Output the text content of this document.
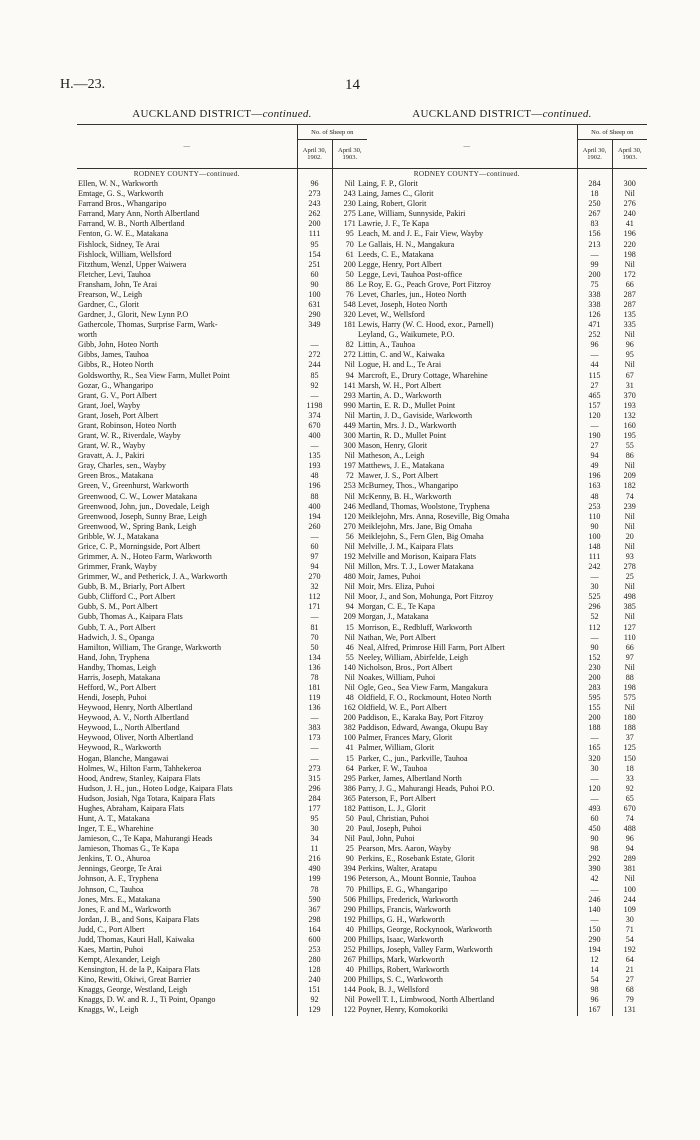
H.—23.	14
AUCKLAND DISTRICT—continued.	AUCKLAND DISTRICT—continued.
—	No. of Sheep on	
	April 30, 1902.	April 30, 1903.
RODNEY COUNTY—continued.		
Ellen, W. N., Warkworth	96	Nil
Emtage, G. S., Warkworth	273	243
Farrand Bros., Whangaripo	243	230
Farrand, Mary Ann, North Albertland	262	275
Farrand, W. B., North Albertland	200	171
Fenton, G. W. E., Matakana	111	95
Fishlock, Sidney, Te Arai	95	70
Fishlock, William, Wellsford	154	61
Fitzthum, Wenzl, Upper Waiwera	251	200
Fletcher, Levi, Tauhoa	60	50
Fransham, John, Te Arai	90	86
Frearson, W., Leigh	100	76
Gardner, C., Glorit	631	548
Gardner, J., Glorit, New Lynn P.O	290	320
Gathercole, Thomas, Surprise Farm, Wark-	349	181
worth		
Gibb, John, Hoteo North	—	82
Gibbs, James, Tauhoa	272	272
Gibbs, R., Hoteo North	244	Nil
Goldsworthy, R., Sea View Farm, Mullet Point	85	94
Gozar, G., Whangaripo	92	141
Grant, G. V., Port Albert	—	293
Grant, Joel, Wayby	1198	990
Grant, Joseh, Port Albert	374	Nil
Grant, Robinson, Hoteo North	670	449
Grant, W. R., Riverdale, Wayby	400	300
Grant, W. R., Wayby	—	300
Gravatt, A. J., Pakiri	135	Nil
Gray, Charles, sen., Wayby	193	197
Green Bros., Matakana	48	72
Green, V., Greenhurst, Warkworth	196	253
Greenwood, C. W., Lower Matakana	88	Nil
Greenwood, John, jun., Dovedale, Leigh	400	246
Greenwood, Joseph, Sunny Brae, Leigh	194	120
Greenwood, W., Spring Bank, Leigh	260	270
Gribble, W. J., Matakana	—	56
Grice, C. P., Morningside, Port Albert	60	Nil
Grimmer, A. N., Hoteo Farm, Warkworth	97	192
Grimmer, Frank, Wayby	94	Nil
Grimmer, W., and Petherick, J. A., Warkworth	270	480
Gubb, B. M., Briarly, Port Albert	32	Nil
Gubb, Clifford C., Port Albert	112	Nil
Gubb, S. M., Port Albert	171	94
Gubb, Thomas A., Kaipara Flats	—	209
Gubb, T. A., Port Albert	81	15
Hadwich, J. S., Opanga	70	Nil
Hamilton, William, The Grange, Warkworth	50	46
Hand, John, Tryphena	134	55
Handby, Thomas, Leigh	136	140
Harris, Joseph, Matakana	78	Nil
Hefford, W., Port Albert	181	Nil
Hendi, Joseph, Puhoi	119	48
Heywood, Henry, North Albertland	136	162
Heywood, A. V., North Albertland	—	200
Heywood, L., North Albertland	383	382
Heywood, Oliver, North Albertland	173	100
Heywood, R., Warkworth	—	41
Hogan, Blanche, Mangawai	—	15
Holmes, W., Hilton Farm, Tahhekeroa	273	64
Hood, Andrew, Stanley, Kaipara Flats	315	295
Hudson, J. H., jun., Hoteo Lodge, Kaipara Flats	296	386
Hudson, Josiah, Nga Totara, Kaipara Flats	284	365
Hughes, Abraham, Kaipara Flats	177	182
Hunt, A. T., Matakana	95	50
Inger, T. E., Wharehine	30	20
Jamieson, C., Te Kapa, Mahurangi Heads	34	Nil
Jamieson, Thomas G., Te Kapa	11	25
Jenkins, T. O., Ahuroa	216	90
Jennings, George, Te Arai	490	394
Johnson, A. F., Tryphena	199	196
Johnson, C., Tauhoa	78	70
Jones, Mrs. E., Matakana	590	506
Jones, F. and M., Warkworth	367	290
Jordan, J. B., and Sons, Kaipara Flats	298	192
Judd, C., Port Albert	164	40
Judd, Thomas, Kauri Hall, Kaiwaka	600	200
Kaes, Martin, Puhoi	253	252
Kempt, Alexander, Leigh	280	267
Kensington, H. de la P., Kaipara Flats	128	40
Kino, Rewiti, Okiwi, Great Barrier	240	200
Knaggs, George, Westland, Leigh	151	144
Knaggs, D. W. and R. J., Ti Point, Opango	92	Nil
Knaggs, W., Leigh	129	122
—	No. of Sheep on	
	April 30, 1902.	April 30, 1903.
RODNEY COUNTY—continued.		
Laing, F. P., Glorit	284	300
Laing, James C., Glorit	18	Nil
Laing, Robert, Glorit	250	276
Lane, William, Sunnyside, Pakiri	267	240
Lawrie, J. F., Te Kapa	83	41
Leach, M. and J. E., Fair View, Wayby	156	196
Le Gallais, H. N., Mangakura	213	220
Leeds, C. E., Matakana	—	198
Legge, Henry, Port Albert	99	Nil
Legge, Levi, Tauhoa Post-office	200	172
Le Roy, E. G., Peach Grove, Port Fitzroy	75	66
Levet, Charles, jun., Hoteo North	338	287
Levet, Joseph, Hoteo North	338	287
Levet, W., Wellsford	126	135
Lewis, Harry (W. C. Hood, exor., Parnell)	471	335
Leyland, G., Waikumete, P.O.	252	Nil
Littin, A., Tauhoa	96	96
Littin, C. and W., Kaiwaka	—	95
Logue, H. and L., Te Arai	44	Nil
Marcroft, E., Drury Cottage, Wharehine	115	67
Marsh, W. H., Port Albert	27	31
Martin, A. D., Warkworth	465	370
Martin, E. R. D., Mullet Point	157	193
Martin, J. D., Gaviside, Warkworth	120	132
Martin, Mrs. J. D., Warkworth	—	160
Martin, R. D., Mullet Point	190	195
Mason, Henry, Glorit	27	55
Matheson, A., Leigh	94	86
Matthews, J. E., Matakana	49	Nil
Mawer, J. S., Port Albert	196	209
McBurney, Thos., Whangaripo	163	182
McKenny, B. H., Warkworth	48	74
Medland, Thomas, Woolstone, Tryphena	253	239
Meiklejohn, Mrs. Anna, Roseville, Big Omaha	110	Nil
Meiklejohn, Mrs. Jane, Big Omaha	90	Nil
Meiklejohn, S., Fern Glen, Big Omaha	100	20
Melville, J. M., Kaipara Flats	148	Nil
Melville and Morison, Kaipara Flats	111	93
Millon, Mrs. T. J., Lower Matakana	242	278
Moir, James, Puhoi	—	25
Moir, Mrs. Eliza, Puhoi	30	Nil
Moor, J., and Son, Mohunga, Port Fitzroy	525	498
Morgan, C. E., Te Kapa	296	385
Morgan, J., Matakana	52	Nil
Morrison, E., Redbluff, Warkworth	112	127
Nathan, We, Port Albert	—	110
Neal, Alfred, Primrose Hill Farm, Port Albert	90	66
Neeley, William, Abirfelde, Leigh	152	97
Nicholson, Bros., Port Albert	230	Nil
Noakes, William, Puhoi	200	88
Ogle, Geo., Sea View Farm, Mangakura	283	198
Oldfield, F. O., Rockmount, Hoteo North	595	575
Oldfield, W. E., Port Albert	155	Nil
Paddison, E., Karaka Bay, Port Fitzroy	200	180
Paddison, Edward, Awanga, Okupu Bay	188	188
Palmer, Frances Mary, Glorit	—	37
Palmer, William, Glorit	165	125
Parker, C., jun., Parkville, Tauhoa	320	150
Parker, F. W., Tauhoa	30	18
Parker, James, Albertland North	—	33
Parry, J. G., Mahurangi Heads, Puhoi P.O.	120	92
Paterson, F., Port Albert	—	65
Pattison, L. J., Glorit	493	670
Paul, Christian, Puhoi	60	74
Paul, Joseph, Puhoi	450	488
Paul, John, Puhoi	90	96
Pearson, Mrs. Aaron, Wayby	98	94
Perkins, E., Rosebank Estate, Glorit	292	289
Perkins, Walter, Aratapu	390	381
Peterson, A., Mount Bonnie, Tauhoa	42	Nil
Phillips, E. G., Whangaripo	—	100
Phillips, Frederick, Warkworth	246	244
Phillips, Francis, Warkworth	140	109
Phillips, G. H., Warkworth	—	30
Phillips, George, Rockynook, Warkworth	150	71
Phillips, Isaac, Warkworth	290	54
Phillips, Joseph, Valley Farm, Warkworth	194	192
Phillips, Mark, Warkworth	12	64
Phillips, Robert, Warkworth	14	21
Phillips, S. C., Warkworth	54	27
Pook, B. J., Wellsford	98	68
Powell T. I., Limbwood, North Albertland	96	79
Poyner, Henry, Komokoriki	167	131
